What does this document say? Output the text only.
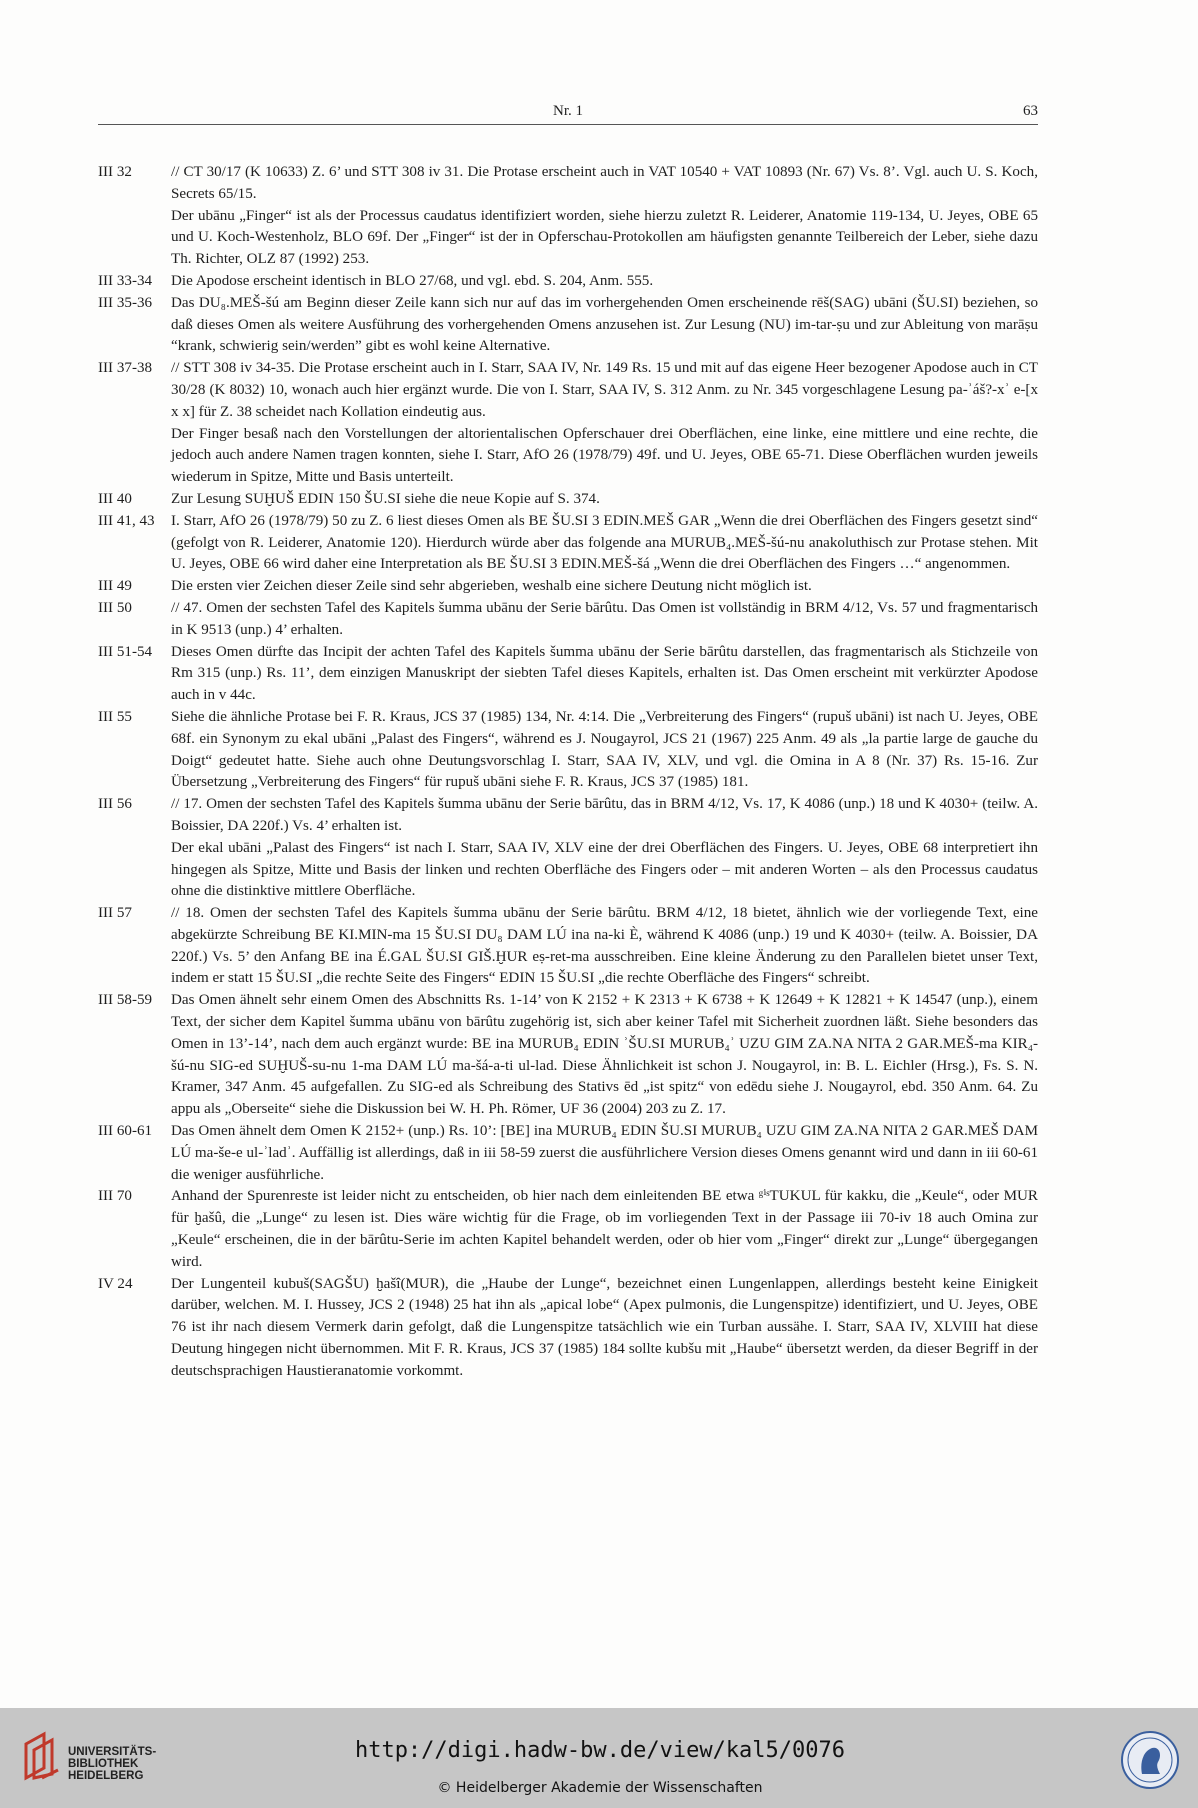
Nr. 1	63
III 32	// CT 30/17 (K 10633) Z. 6’ und STT 308 iv 31. Die Protase erscheint auch in VAT 10540 + VAT 10893 (Nr. 67) Vs. 8’. Vgl. auch U. S. Koch, Secrets 65/15.

Der ubānu „Finger“ ist als der Processus caudatus identifiziert worden, siehe hierzu zuletzt R. Leiderer, Anatomie 119-134, U. Jeyes, OBE 65 und U. Koch-Westenholz, BLO 69f. Der „Finger“ ist der in Opferschau-Protokollen am häufigsten genannte Teilbereich der Leber, siehe dazu Th. Richter, OLZ 87 (1992) 253.

III 33-34	Die Apodose erscheint identisch in BLO 27/68, und vgl. ebd. S. 204, Anm. 555.

III 35-36	Das DU₈.MEŠ-šú am Beginn dieser Zeile kann sich nur auf das im vorhergehenden Omen erscheinende rēš(SAG) ubāni (ŠU.SI) beziehen, so daß dieses Omen als weitere Ausführung des vorhergehenden Omens anzusehen ist. Zur Lesung (NU) im-tar-ṣu und zur Ableitung von marāṣu “krank, schwierig sein/werden” gibt es wohl keine Alternative.

III 37-38	// STT 308 iv 34-35. Die Protase erscheint auch in I. Starr, SAA IV, Nr. 149 Rs. 15 und mit auf das eigene Heer bezogener Apodose auch in CT 30/28 (K 8032) 10, wonach auch hier ergänzt wurde. Die von I. Starr, SAA IV, S. 312 Anm. zu Nr. 345 vorgeschlagene Lesung pa-ʾáš?-xʾ e-[x x x] für Z. 38 scheidet nach Kollation eindeutig aus.

Der Finger besaß nach den Vorstellungen der altorientalischen Opferschauer drei Oberflächen, eine linke, eine mittlere und eine rechte, die jedoch auch andere Namen tragen konnten, siehe I. Starr, AfO 26 (1978/79) 49f. und U. Jeyes, OBE 65-71. Diese Oberflächen wurden jeweils wiederum in Spitze, Mitte und Basis unterteilt.

III 40	Zur Lesung SUḪUŠ EDIN 150 ŠU.SI siehe die neue Kopie auf S. 374.

III 41, 43	I. Starr, AfO 26 (1978/79) 50 zu Z. 6 liest dieses Omen als BE ŠU.SI 3 EDIN.MEŠ GAR „Wenn die drei Oberflächen des Fingers gesetzt sind“ (gefolgt von R. Leiderer, Anatomie 120). Hierdurch würde aber das folgende ana MURUB₄.MEŠ-šú-nu anakoluthisch zur Protase stehen. Mit U. Jeyes, OBE 66 wird daher eine Interpretation als BE ŠU.SI 3 EDIN.MEŠ-šá „Wenn die drei Oberflächen des Fingers …“ angenommen.

III 49	Die ersten vier Zeichen dieser Zeile sind sehr abgerieben, weshalb eine sichere Deutung nicht möglich ist.

III 50	// 47. Omen der sechsten Tafel des Kapitels šumma ubānu der Serie bārûtu. Das Omen ist vollständig in BRM 4/12, Vs. 57 und fragmentarisch in K 9513 (unp.) 4’ erhalten.

III 51-54	Dieses Omen dürfte das Incipit der achten Tafel des Kapitels šumma ubānu der Serie bārûtu darstellen, das fragmentarisch als Stichzeile von Rm 315 (unp.) Rs. 11’, dem einzigen Manuskript der siebten Tafel dieses Kapitels, erhalten ist. Das Omen erscheint mit verkürzter Apodose auch in v 44c.

III 55	Siehe die ähnliche Protase bei F. R. Kraus, JCS 37 (1985) 134, Nr. 4:14. Die „Verbreiterung des Fingers“ (rupuš ubāni) ist nach U. Jeyes, OBE 68f. ein Synonym zu ekal ubāni „Palast des Fingers“, während es J. Nougayrol, JCS 21 (1967) 225 Anm. 49 als „la partie large de gauche du Doigt“ gedeutet hatte. Siehe auch ohne Deutungsvorschlag I. Starr, SAA IV, XLV, und vgl. die Omina in A 8 (Nr. 37) Rs. 15-16. Zur Übersetzung „Verbreiterung des Fingers“ für rupuš ubāni siehe F. R. Kraus, JCS 37 (1985) 181.

III 56	// 17. Omen der sechsten Tafel des Kapitels šumma ubānu der Serie bārûtu, das in BRM 4/12, Vs. 17, K 4086 (unp.) 18 und K 4030+ (teilw. A. Boissier, DA 220f.) Vs. 4’ erhalten ist.

Der ekal ubāni „Palast des Fingers“ ist nach I. Starr, SAA IV, XLV eine der drei Oberflächen des Fingers. U. Jeyes, OBE 68 interpretiert ihn hingegen als Spitze, Mitte und Basis der linken und rechten Oberfläche des Fingers oder – mit anderen Worten – als den Processus caudatus ohne die distinktive mittlere Oberfläche.

III 57	// 18. Omen der sechsten Tafel des Kapitels šumma ubānu der Serie bārûtu. BRM 4/12, 18 bietet, ähnlich wie der vorliegende Text, eine abgekürzte Schreibung BE KI.MIN-ma 15 ŠU.SI DU₈ DAM LÚ ina na-ki È, während K 4086 (unp.) 19 und K 4030+ (teilw. A. Boissier, DA 220f.) Vs. 5’ den Anfang BE ina É.GAL ŠU.SI GIŠ.ḪUR eṣ-ret-ma ausschreiben. Eine kleine Änderung zu den Parallelen bietet unser Text, indem er statt 15 ŠU.SI „die rechte Seite des Fingers“ EDIN 15 ŠU.SI „die rechte Oberfläche des Fingers“ schreibt.

III 58-59	Das Omen ähnelt sehr einem Omen des Abschnitts Rs. 1-14’ von K 2152 + K 2313 + K 6738 + K 12649 + K 12821 + K 14547 (unp.), einem Text, der sicher dem Kapitel šumma ubānu von bārûtu zugehörig ist, sich aber keiner Tafel mit Sicherheit zuordnen läßt. Siehe besonders das Omen in 13’-14’, nach dem auch ergänzt wurde: BE ina MURUB₄ EDIN ʾŠU.SI MURUB₄ʾ UZU GIM ZA.NA NITA 2 GAR.MEŠ-ma KIR₄-šú-nu SIG-ed SUḪUŠ-su-nu 1-ma DAM LÚ ma-šá-a-ti ul-lad. Diese Ähnlichkeit ist schon J. Nougayrol, in: B. L. Eichler (Hrsg.), Fs. S. N. Kramer, 347 Anm. 45 aufgefallen. Zu SIG-ed als Schreibung des Stativs ēd „ist spitz“ von edēdu siehe J. Nougayrol, ebd. 350 Anm. 64. Zu appu als „Oberseite“ siehe die Diskussion bei W. H. Ph. Römer, UF 36 (2004) 203 zu Z. 17.

III 60-61	Das Omen ähnelt dem Omen K 2152+ (unp.) Rs. 10’: [BE] ina MURUB₄ EDIN ŠU.SI MURUB₄ UZU GIM ZA.NA NITA 2 GAR.MEŠ DAM LÚ ma-še-e ul-ʾladʾ. Auffällig ist allerdings, daß in iii 58-59 zuerst die ausführlichere Version dieses Omens genannt wird und dann in iii 60-61 die weniger ausführliche.

III 70	Anhand der Spurenreste ist leider nicht zu entscheiden, ob hier nach dem einleitenden BE etwa ᵍⁱˢTUKUL für kakku, die „Keule“, oder MUR für ḫašû, die „Lunge“ zu lesen ist. Dies wäre wichtig für die Frage, ob im vorliegenden Text in der Passage iii 70-iv 18 auch Omina zur „Keule“ erscheinen, die in der bārûtu-Serie im achten Kapitel behandelt werden, oder ob hier vom „Finger“ direkt zur „Lunge“ übergegangen wird.

IV 24	Der Lungenteil kubuš(SAGŠU) ḫašî(MUR), die „Haube der Lunge“, bezeichnet einen Lungenlappen, allerdings besteht keine Einigkeit darüber, welchen. M. I. Hussey, JCS 2 (1948) 25 hat ihn als „apical lobe“ (Apex pulmonis, die Lungenspitze) identifiziert, und U. Jeyes, OBE 76 ist ihr nach diesem Vermerk darin gefolgt, daß die Lungenspitze tatsächlich wie ein Turban aussähe. I. Starr, SAA IV, XLVIII hat diese Deutung hingegen nicht übernommen. Mit F. R. Kraus, JCS 37 (1985) 184 sollte kubšu mit „Haube“ übersetzt werden, da dieser Begriff in der deutschsprachigen Haustieranatomie vorkommt.

UNIVERSITÄTS-
BIBLIOTHEK
HEIDELBERG
http://digi.hadw-bw.de/view/kal5/0076
© Heidelberger Akademie der Wissenschaften
